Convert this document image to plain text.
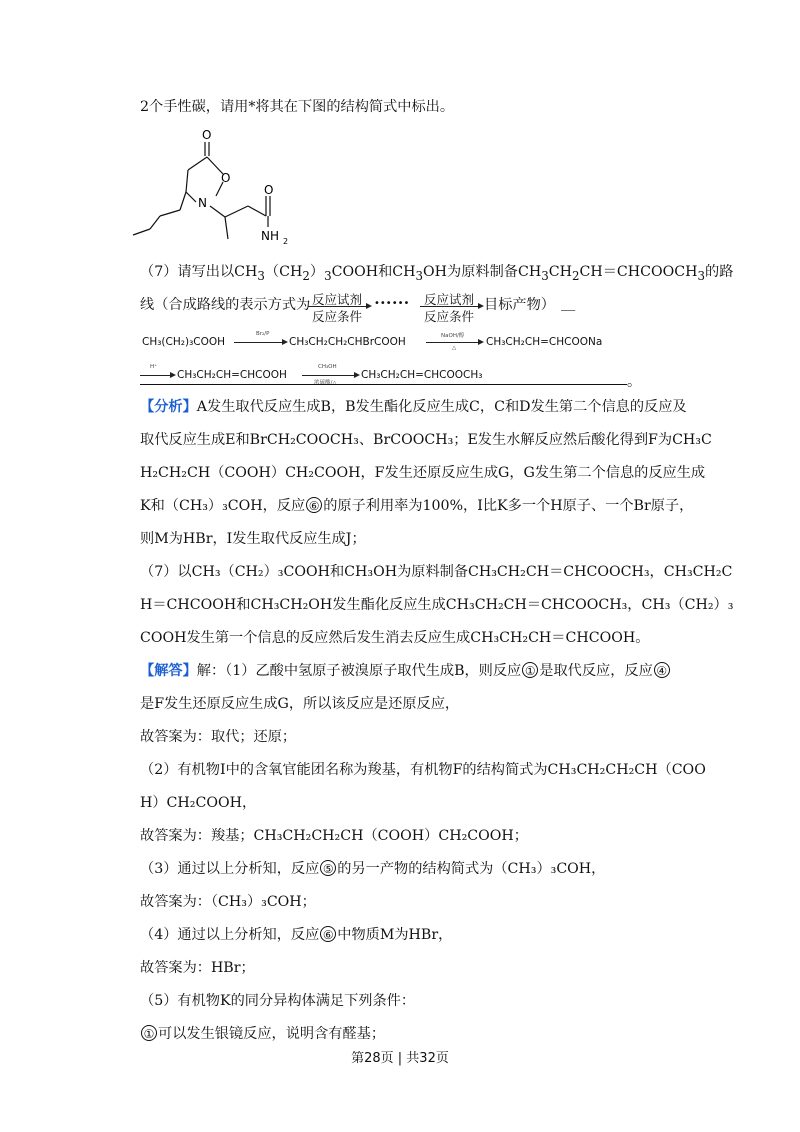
2个手性碳，请用*将其在下图的结构简式中标出。
O
O
N
O
NH 2
（7）请写出以$CH_3(CH_2)_3COOH$和$CH_3OH$为原料制备$CH_3CH_2CH=CHCOOCH_3$的路
线（合成路线的表示方式为 反应试剂
反应条件
•••••• 反应试剂
反应条件
目标产物） ＿
CH₃(CH₂)₃COOH
Br₂/P
CH₃CH₂CH₂CHBrCOOH	NaOH/醇
△	CH₃CH₂CH=CHCOONa
H⁺
CH₃CH₂CH=CHCOOH
CH₃OH
浓硫酸/△
CH₃CH₂CH=CHCOOCH₃	。
【分析】A发生取代反应生成B，B发生酯化反应生成C，C和D发生第二个信息的反应及
取代反应生成E和BrCH₂COOCH₃、BrCOOCH₃；E发生水解反应然后酸化得到F为CH₃C
H₂CH₂CH（COOH）CH₂COOH，F发生还原反应生成G，G发生第二个信息的反应生成
K和（CH₃）₃COH，反应 ⑥ 的原子利用率为100%，I比K多一个H原子、一个Br原子，
则M为HBr，I发生取代反应生成J；
（7）以CH₃（CH₂）₃COOH和CH₃OH为原料制备CH₃CH₂CH＝CHCOOCH₃，CH₃CH₂C
H＝CHCOOH和CH₃CH₂OH发生酯化反应生成CH₃CH₂CH＝CHCOOCH₃，CH₃（CH₂）₃
COOH发生第一个信息的反应然后发生消去反应生成CH₃CH₂CH＝CHCOOH。
【解答】解：（1）乙酸中氢原子被溴原子取代生成B，则反应 ① 是取代反应，反应 ④
是F发生还原反应生成G，所以该反应是还原反应，
故答案为：取代；还原；
（2）有机物I中的含氧官能团名称为羧基，有机物F的结构简式为CH₃CH₂CH₂CH（COO
H）CH₂COOH，
故答案为：羧基；CH₃CH₂CH₂CH（COOH）CH₂COOH；
（3）通过以上分析知，反应 ⑤ 的另一产物的结构简式为（CH₃）₃COH，
故答案为：（CH₃）₃COH；
（4）通过以上分析知，反应 ⑥ 中物质M为HBr，
故答案为：HBr；
（5）有机物K的同分异构体满足下列条件：
① 可以发生银镜反应，说明含有醛基；
第28页 | 共32页
